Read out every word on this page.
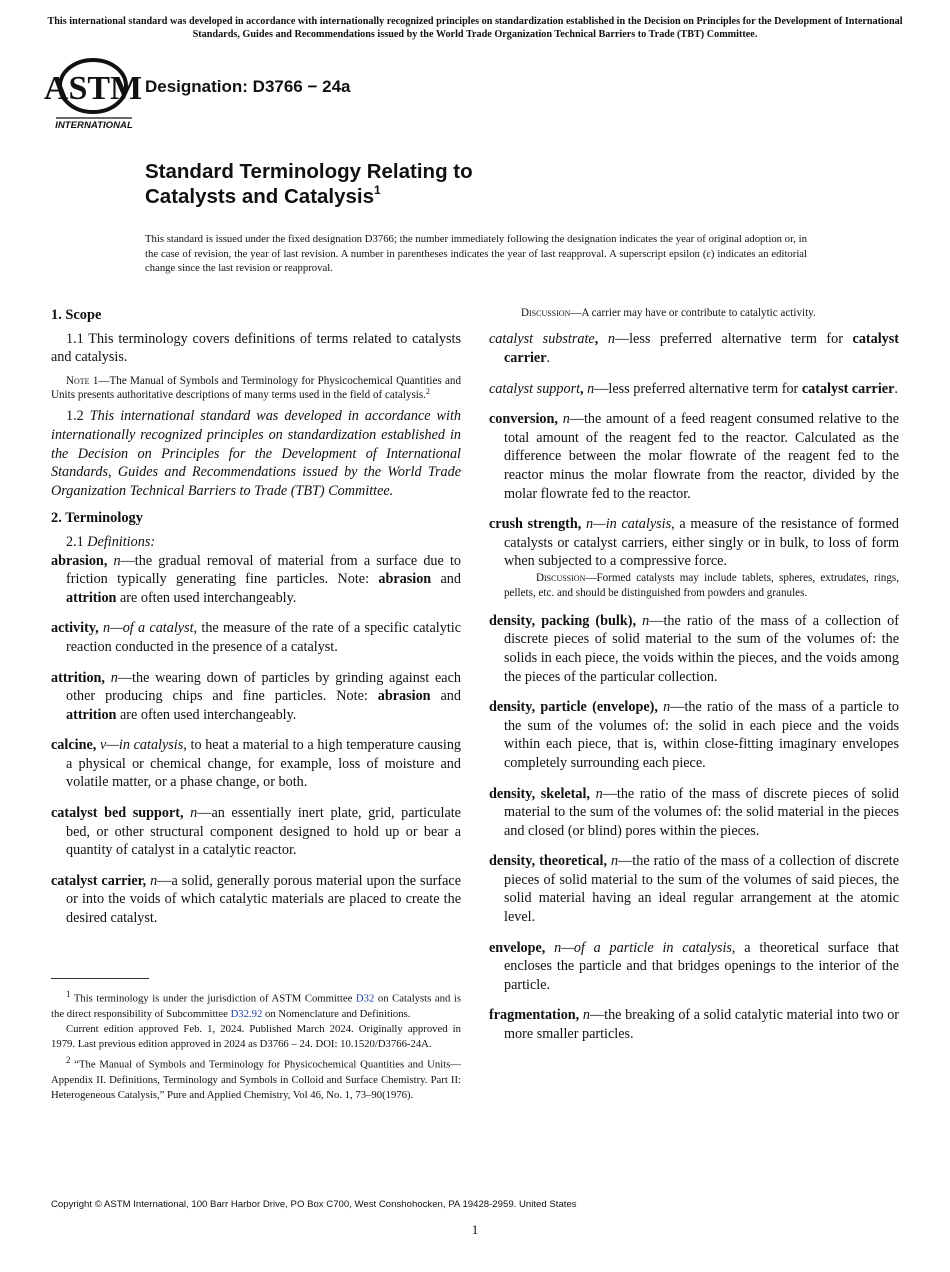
This international standard was developed in accordance with internationally recognized principles on standardization established in the Decision on Principles for the Development of International Standards, Guides and Recommendations issued by the World Trade Organization Technical Barriers to Trade (TBT) Committee.
ASTM
INTERNATIONAL
Designation: D3766 − 24a
Standard Terminology Relating to
Catalysts and Catalysis$^1$
This standard is issued under the fixed designation D3766; the number immediately following the designation indicates the year of original adoption or, in the case of revision, the year of last revision. A number in parentheses indicates the year of last reapproval. A superscript epsilon (ε) indicates an editorial change since the last revision or reapproval.
1. Scope

1.1 This terminology covers definitions of terms related to catalysts and catalysis.

Note 1—The Manual of Symbols and Terminology for Physicochemical Quantities and Units presents authoritative descriptions of many terms used in the field of catalysis.$^2$

1.2 This international standard was developed in accordance with internationally recognized principles on standardization established in the Decision on Principles for the Development of International Standards, Guides and Recommendations issued by the World Trade Organization Technical Barriers to Trade (TBT) Committee.

2. Terminology

2.1 Definitions:

abrasion, n—the gradual removal of material from a surface due to friction typically generating fine particles. Note: abrasion and attrition are often used interchangeably.

activity, n—of a catalyst, the measure of the rate of a specific catalytic reaction conducted in the presence of a catalyst.

attrition, n—the wearing down of particles by grinding against each other producing chips and fine particles. Note: abrasion and attrition are often used interchangeably.

calcine, v—in catalysis, to heat a material to a high temperature causing a physical or chemical change, for example, loss of moisture and volatile matter, or a phase change, or both.

catalyst bed support, n—an essentially inert plate, grid, particulate bed, or other structural component designed to hold up or bear a quantity of catalyst in a catalytic reactor.

catalyst carrier, n—a solid, generally porous material upon the surface or into the voids of which catalytic materials are placed to create the desired catalyst.

$^1$ This terminology is under the jurisdiction of ASTM Committee D32 on Catalysts and is the direct responsibility of Subcommittee D32.92 on Nomenclature and Definitions.

Current edition approved Feb. 1, 2024. Published March 2024. Originally approved in 1979. Last previous edition approved in 2024 as D3766 – 24. DOI: 10.1520/D3766-24A.

$^2$ “The Manual of Symbols and Terminology for Physicochemical Quantities and Units—Appendix II. Definitions, Terminology and Symbols in Colloid and Surface Chemistry. Part II: Heterogeneous Catalysis,” Pure and Applied Chemistry, Vol 46, No. 1, 73–90(1976).

Discussion—A carrier may have or contribute to catalytic activity.

catalyst substrate, n—less preferred alternative term for catalyst carrier.

catalyst support, n—less preferred alternative term for catalyst carrier.

conversion, n—the amount of a feed reagent consumed relative to the total amount of the reagent fed to the reactor. Calculated as the difference between the molar flowrate of the reagent fed to the reactor minus the molar flowrate from the reactor, divided by the molar flowrate fed to the reactor.

crush strength, n—in catalysis, a measure of the resistance of formed catalysts or catalyst carriers, either singly or in bulk, to loss of form when subjected to a compressive force.

Discussion—Formed catalysts may include tablets, spheres, extrudates, rings, pellets, etc. and should be distinguished from powders and granules.

density, packing (bulk), n—the ratio of the mass of a collection of discrete pieces of solid material to the sum of the volumes of: the solids in each piece, the voids within the pieces, and the voids among the pieces of the particular collection.

density, particle (envelope), n—the ratio of the mass of a particle to the sum of the volumes of: the solid in each piece and the voids within each piece, that is, within close-fitting imaginary envelopes completely surrounding each piece.

density, skeletal, n—the ratio of the mass of discrete pieces of solid material to the sum of the volumes of: the solid material in the pieces and closed (or blind) pores within the pieces.

density, theoretical, n—the ratio of the mass of a collection of discrete pieces of solid material to the sum of the volumes of said pieces, the solid material having an ideal regular arrangement at the atomic level.

envelope, n—of a particle in catalysis, a theoretical surface that encloses the particle and that bridges openings to the interior of the particle.

fragmentation, n—the breaking of a solid catalytic material into two or more smaller particles.

Copyright © ASTM International, 100 Barr Harbor Drive, PO Box C700, West Conshohocken, PA 19428-2959. United States
1
